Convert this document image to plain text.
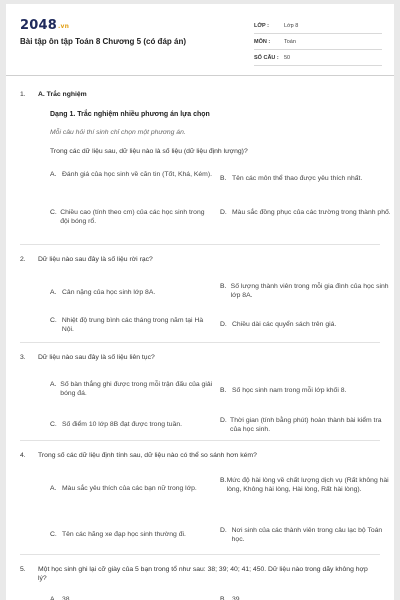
2048.vn
Bài tập ôn tập Toán 8 Chương 5 (có đáp án)
LỚP :	Lớp 8
MÔN :	Toán
SỐ CÂU : 50
1. A. Trắc nghiệm
Dạng 1. Trắc nghiệm nhiều phương án lựa chọn
Mỗi câu hỏi thí sinh chỉ chọn một phương án.
Trong các dữ liệu sau, dữ liệu nào là số liệu (dữ liệu định lượng)?
A. Đánh giá của học sinh về căn tin (Tốt, Khá, Kém).
B. Tên các môn thể thao được yêu thích nhất.
C. Chiều cao (tính theo cm) của các học sinh trong đội bóng rổ.
D. Màu sắc đồng phục của các trường trong thành phố.
2. Dữ liệu nào sau đây là số liệu rời rạc?
A. Cân nặng của học sinh lớp 8A.
B. Số lượng thành viên trong mỗi gia đình của học sinh lớp 8A.
C. Nhiệt độ trung bình các tháng trong năm tại Hà Nội.
D. Chiều dài các quyển sách trên giá.
3. Dữ liệu nào sau đây là số liệu liên tục?
A. Số bàn thắng ghi được trong mỗi trận đấu của giải bóng đá.	B. Số học sinh nam trong mỗi lớp khối 8.
C. Số điểm 10 lớp 8B đạt được trong tuần.
D. Thời gian (tính bằng phút) hoàn thành bài kiểm tra của học sinh.
4. Trong số các dữ liệu định tính sau, dữ liệu nào có thể so sánh hơn kém?
A. Màu sắc yêu thích của các bạn nữ trong lớp.
B. Mức độ hài lòng về chất lượng dịch vụ (Rất không hài lòng, Không hài lòng, Hài lòng, Rất hài lòng).
C. Tên các hãng xe đạp học sinh thường đi.
D. Nơi sinh của các thành viên trong câu lạc bộ Toán học.
5. Một học sinh ghi lại cỡ giày của 5 bạn trong tổ như sau: 38; 39; 40; 41; 450. Dữ liệu nào trong dãy không hợp lý?
A. 38.	B. 39.
